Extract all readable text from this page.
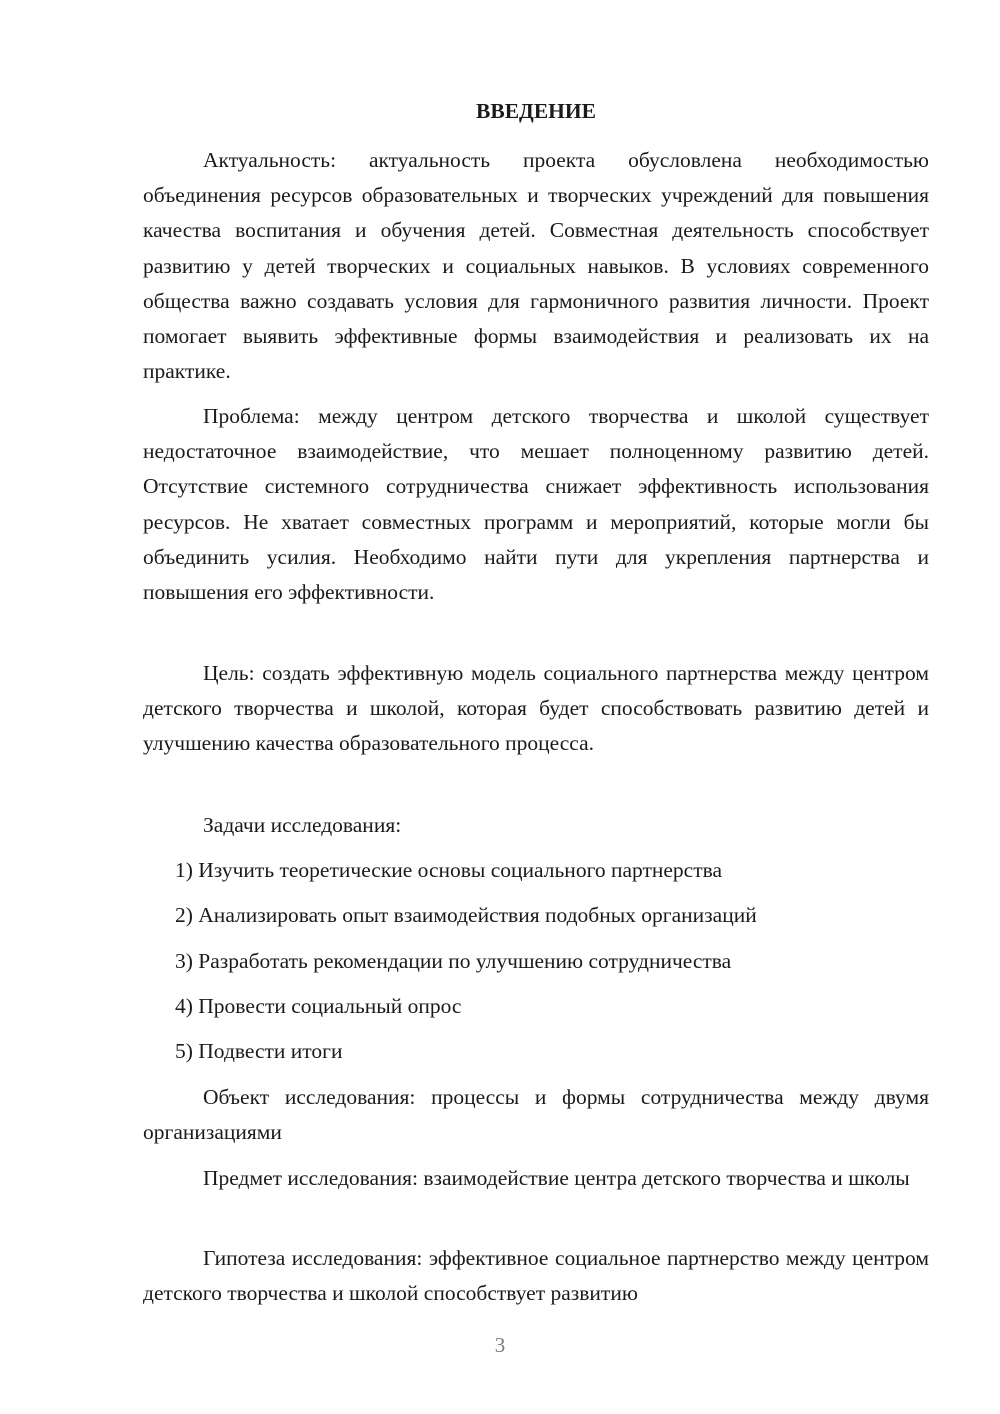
ВВЕДЕНИЕ

Актуальность: актуальность проекта обусловлена необходимостью объединения ресурсов образовательных и творческих учреждений для повышения качества воспитания и обучения детей. Совместная деятельность способствует развитию у детей творческих и социальных навыков. В условиях современного общества важно создавать условия для гармоничного развития личности. Проект помогает выявить эффективные формы взаимодействия и реализовать их на практике.

Проблема: между центром детского творчества и школой существует недостаточное взаимодействие, что мешает полноценному развитию детей. Отсутствие системного сотрудничества снижает эффективность использования ресурсов. Не хватает совместных программ и мероприятий, которые могли бы объединить усилия. Необходимо найти пути для укрепления партнерства и повышения его эффективности.

Цель: создать эффективную модель социального партнерства между центром детского творчества и школой, которая будет способствовать развитию детей и улучшению качества образовательного процесса.

Задачи исследования:

1) Изучить теоретические основы социального партнерства

2) Анализировать опыт взаимодействия подобных организаций

3) Разработать рекомендации по улучшению сотрудничества

4) Провести социальный опрос

5) Подвести итоги

Объект исследования: процессы и формы сотрудничества между двумя организациями

Предмет исследования: взаимодействие центра детского творчества и школы

Гипотеза исследования: эффективное социальное партнерство между центром детского творчества и школой способствует развитию

3
